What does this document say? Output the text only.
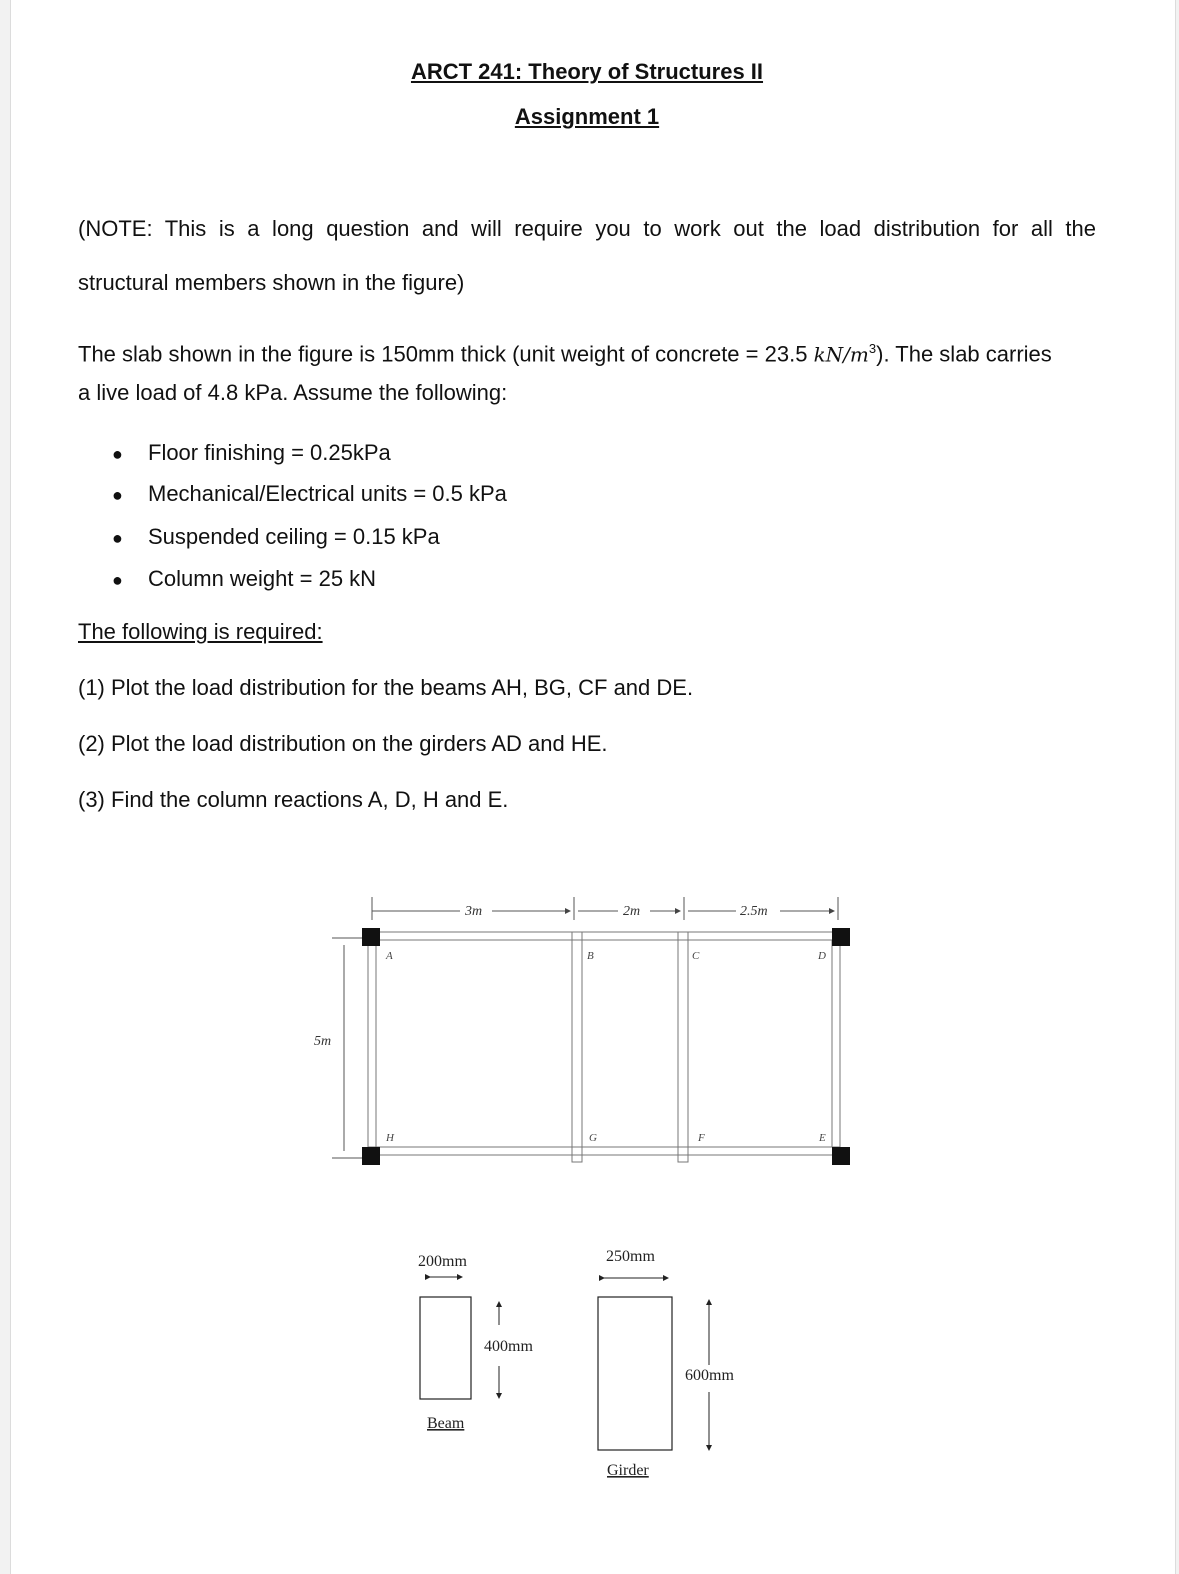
ARCT 241: Theory of Structures II
Assignment 1
(NOTE: This is a long question and will require you to work out the load distribution for all the
structural members shown in the figure)
The slab shown in the figure is 150mm thick (unit weight of concrete = 23.5 $kN/m^3$). The slab carries
a live load of 4.8 kPa. Assume the following:
● Floor finishing = 0.25kPa
● Mechanical/Electrical units = 0.5 kPa
● Suspended ceiling = 0.15 kPa
● Column weight = 25 kN
The following is required:
(1) Plot the load distribution for the beams AH, BG, CF and DE.
(2) Plot the load distribution on the girders AD and HE.
(3) Find the column reactions A, D, H and E.
3m	2m	2.5m
5m
A	B	C	D
H	G	F	E
200mm
400mm
Beam
250mm
600mm
Girder
